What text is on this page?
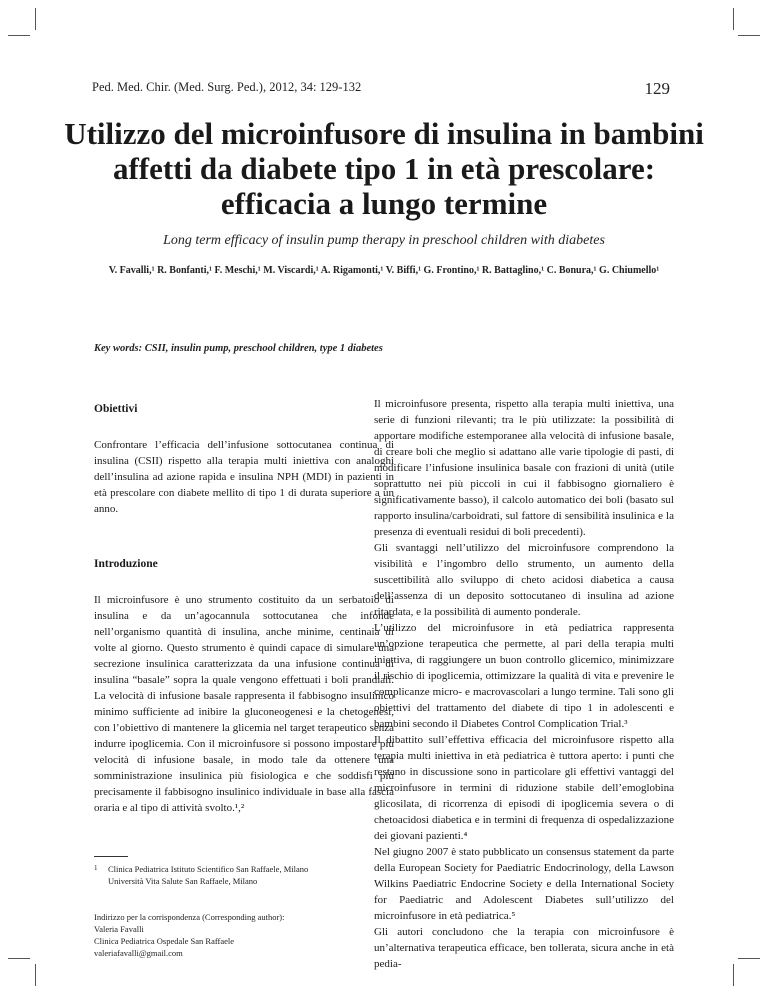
Ped. Med. Chir. (Med. Surg. Ped.), 2012, 34: 129-132	129
Utilizzo del microinfusore di insulina in bambini
affetti da diabete tipo 1 in età prescolare:
efficacia a lungo termine
Long term efficacy of insulin pump therapy in preschool children with diabetes
V. Favalli,¹ R. Bonfanti,¹ F. Meschi,¹ M. Viscardi,¹ A. Rigamonti,¹ V. Biffi,¹ G. Frontino,¹ R. Battaglino,¹ C. Bonura,¹ G. Chiumello¹
Key words: CSII, insulin pump, preschool children, type 1 diabetes

Obiettivi

Confrontare l’efficacia dell’infusione sottocutanea continua di insulina (CSII) rispetto alla terapia multi iniettiva con analoghi dell’insulina ad azione rapida e insulina NPH (MDI) in pazienti in età prescolare con diabete mellito di tipo 1 di durata superiore a un anno.

Introduzione

Il microinfusore è uno strumento costituito da un serbatoio di insulina e da un’agocannula sottocutanea che infonde nell’organismo quantità di insulina, anche minime, centinaia di volte al giorno. Questo strumento è quindi capace di simulare una secrezione insulinica caratterizzata da una infusione continua di insulina “basale” sopra la quale vengono effettuati i boli prandiali. La velocità di infusione basale rappresenta il fabbisogno insulinico minimo sufficiente ad inibire la gluconeogenesi e la chetogenesi, con l’obiettivo di mantenere la glicemia nel target terapeutico senza indurre ipoglicemia. Con il microinfusore si possono impostare più velocità di infusione basale, in modo tale da ottenere una somministrazione insulinica più fisiologica e che soddisfi più precisamente il fabbisogno insulinico individuale in base alla fascia oraria e al tipo di attività svolto.¹,²

1 Clinica Pediatrica Istituto Scientifico San Raffaele, Milano
Università Vita Salute San Raffaele, Milano
Indirizzo per la corrispondenza (Corresponding author):
Valeria Favalli
Clinica Pediatrica Ospedale San Raffaele
valeriafavalli@gmail.com

Il microinfusore presenta, rispetto alla terapia multi iniettiva, una serie di funzioni rilevanti; tra le più utilizzate: la possibilità di apportare modifiche estemporanee alla velocità di infusione basale, di creare boli che meglio si adattano alle varie tipologie di pasti, di modificare l’infusione insulinica basale con frazioni di unità (utile soprattutto nei più piccoli in cui il fabbisogno giornaliero è significativamente basso), il calcolo automatico dei boli (basato sul rapporto insulina/carboidrati, sul fattore di sensibilità insulinica e la presenza di eventuali residui di boli precedenti).

Gli svantaggi nell’utilizzo del microinfusore comprendono la visibilità e l’ingombro dello strumento, un aumento della suscettibilità allo sviluppo di cheto acidosi diabetica a causa dell’assenza di un deposito sottocutaneo di insulina ad azione ritardata, e la possibilità di aumento ponderale.

L’utilizzo del microinfusore in età pediatrica rappresenta un’opzione terapeutica che permette, al pari della terapia multi iniettiva, di raggiungere un buon controllo glicemico, minimizzare il rischio di ipoglicemia, ottimizzare la qualità di vita e prevenire le complicanze micro- e macrovascolari a lungo termine. Tali sono gli obiettivi del trattamento del diabete di tipo 1 in adolescenti e bambini secondo il Diabetes Control Complication Trial.³

Il dibattito sull’effettiva efficacia del microinfusore rispetto alla terapia multi iniettiva in età pediatrica è tuttora aperto: i punti che restano in discussione sono in particolare gli effettivi vantaggi del microinfusore in termini di riduzione stabile dell’emoglobina glicosilata, di ricorrenza di episodi di ipoglicemia severa o di chetoacidosi diabetica e in termini di frequenza di ospedalizzazione dei giovani pazienti.⁴

Nel giugno 2007 è stato pubblicato un consensus statement da parte della European Society for Paediatric Endocrinology, della Lawson Wilkins Paediatric Endocrine Society e della International Society for Paediatric and Adolescent Diabetes sull’utilizzo del microinfusore in età pediatrica.⁵

Gli autori concludono che la terapia con microinfusore è un’alternativa terapeutica efficace, ben tollerata, sicura anche in età pedia-
